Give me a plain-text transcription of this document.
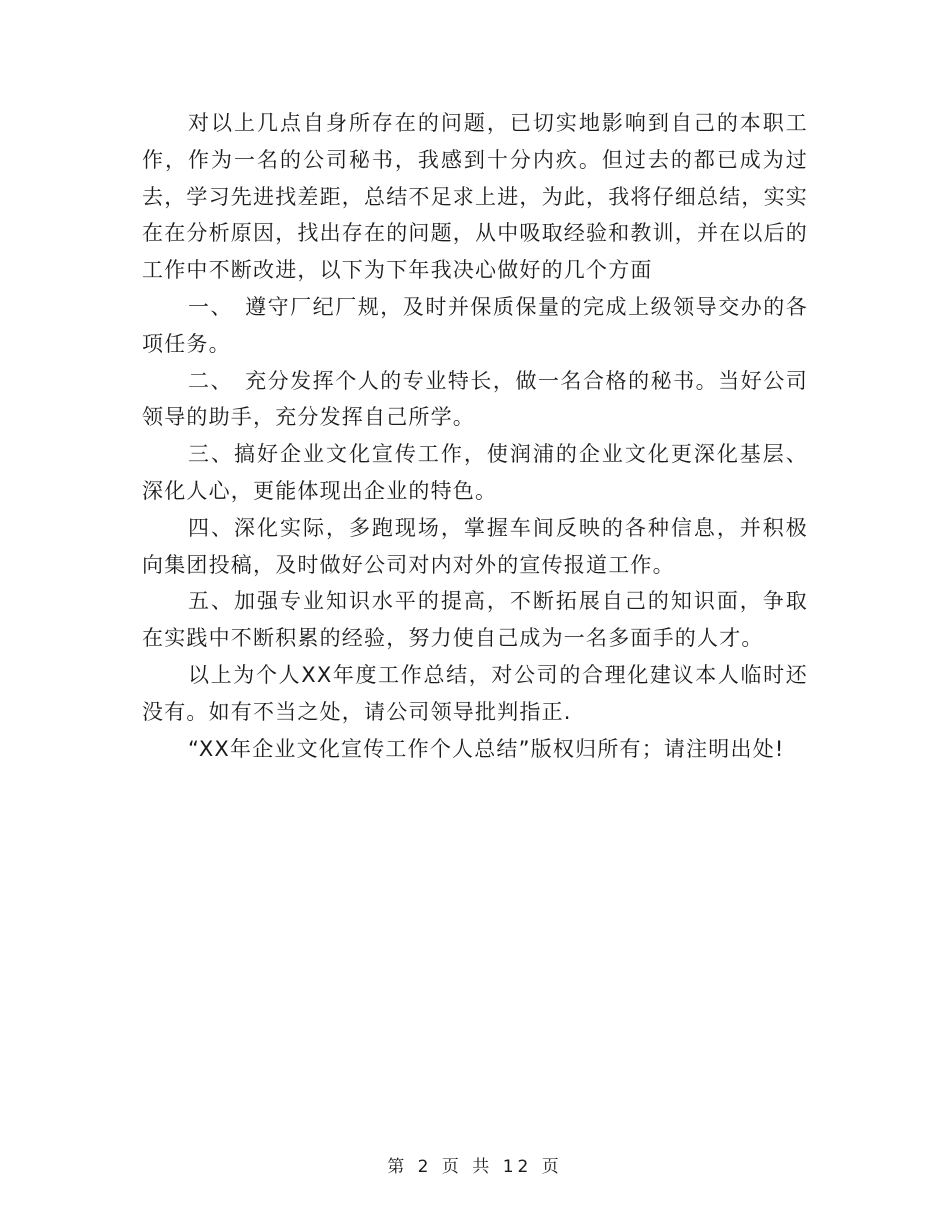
对以上几点自身所存在的问题，已切实地影响到自己的本职工作，作为一名的公司秘书，我感到十分内疚。但过去的都已成为过去，学习先进找差距，总结不足求上进，为此，我将仔细总结，实实在在分析原因，找出存在的问题，从中吸取经验和教训，并在以后的工作中不断改进，以下为下年我决心做好的几个方面

一、　遵守厂纪厂规，及时并保质保量的完成上级领导交办的各项任务。

二、　充分发挥个人的专业特长，做一名合格的秘书。当好公司领导的助手，充分发挥自己所学。

三、搞好企业文化宣传工作，使润浦的企业文化更深化基层、深化人心，更能体现出企业的特色。

四、深化实际，多跑现场，掌握车间反映的各种信息，并积极向集团投稿，及时做好公司对内对外的宣传报道工作。

五、加强专业知识水平的提高，不断拓展自己的知识面，争取在实践中不断积累的经验，努力使自己成为一名多面手的人才。

以上为个人XX年度工作总结，对公司的合理化建议本人临时还没有。如有不当之处，请公司领导批判指正.

“XX年企业文化宣传工作个人总结”版权归所有；请注明出处!

第 2 页 共 12 页
